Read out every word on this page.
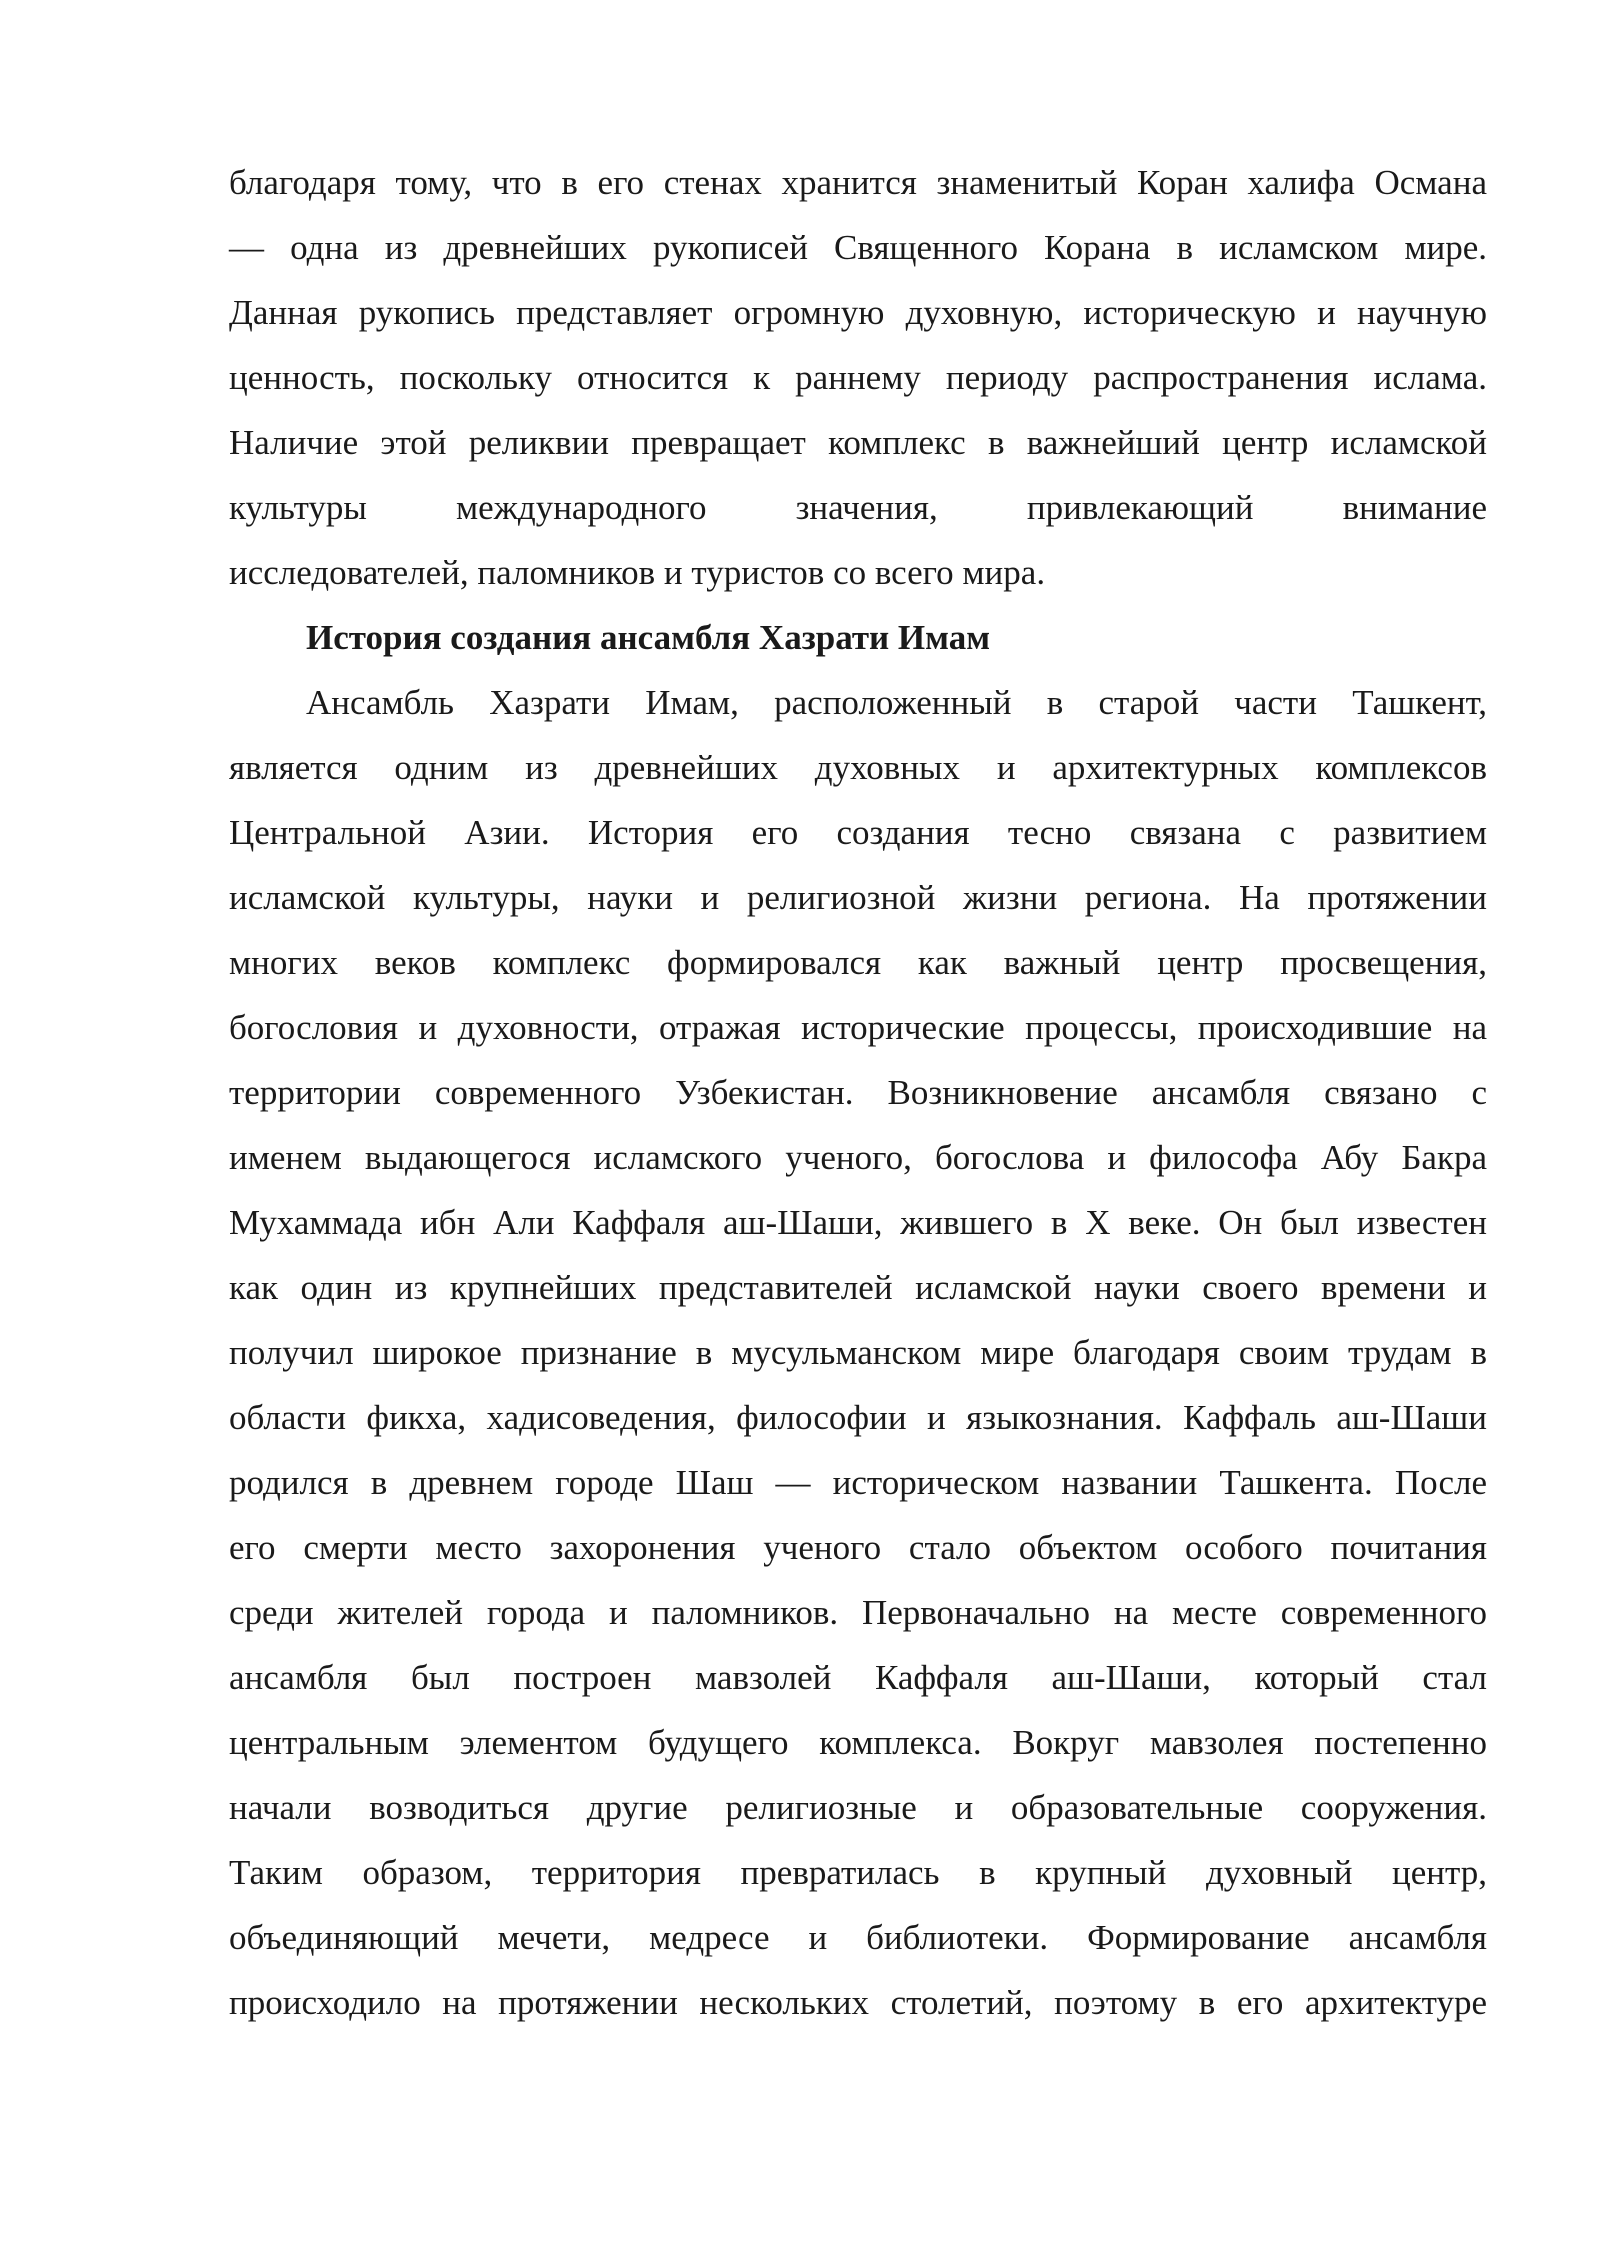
благодаря тому, что в его стенах хранится знаменитый Коран халифа Османа
— одна из древнейших рукописей Священного Корана в исламском мире.
Данная рукопись представляет огромную духовную, историческую и научную
ценность, поскольку относится к раннему периоду распространения ислама.
Наличие этой реликвии превращает комплекс в важнейший центр исламской
культуры международного значения, привлекающий внимание
исследователей, паломников и туристов со всего мира.

История создания ансамбля Хазрати Имам

Ансамбль Хазрати Имам, расположенный в старой части Ташкент,
является одним из древнейших духовных и архитектурных комплексов
Центральной Азии. История его создания тесно связана с развитием
исламской культуры, науки и религиозной жизни региона. На протяжении
многих веков комплекс формировался как важный центр просвещения,
богословия и духовности, отражая исторические процессы, происходившие на
территории современного Узбекистан. Возникновение ансамбля связано с
именем выдающегося исламского ученого, богослова и философа Абу Бакра
Мухаммада ибн Али Каффаля аш-Шаши, жившего в X веке. Он был известен
как один из крупнейших представителей исламской науки своего времени и
получил широкое признание в мусульманском мире благодаря своим трудам в
области фикха, хадисоведения, философии и языкознания. Каффаль аш-Шаши
родился в древнем городе Шаш — историческом названии Ташкента. После
его смерти место захоронения ученого стало объектом особого почитания
среди жителей города и паломников. Первоначально на месте современного
ансамбля был построен мавзолей Каффаля аш-Шаши, который стал
центральным элементом будущего комплекса. Вокруг мавзолея постепенно
начали возводиться другие религиозные и образовательные сооружения.
Таким образом, территория превратилась в крупный духовный центр,
объединяющий мечети, медресе и библиотеки. Формирование ансамбля
происходило на протяжении нескольких столетий, поэтому в его архитектуре
